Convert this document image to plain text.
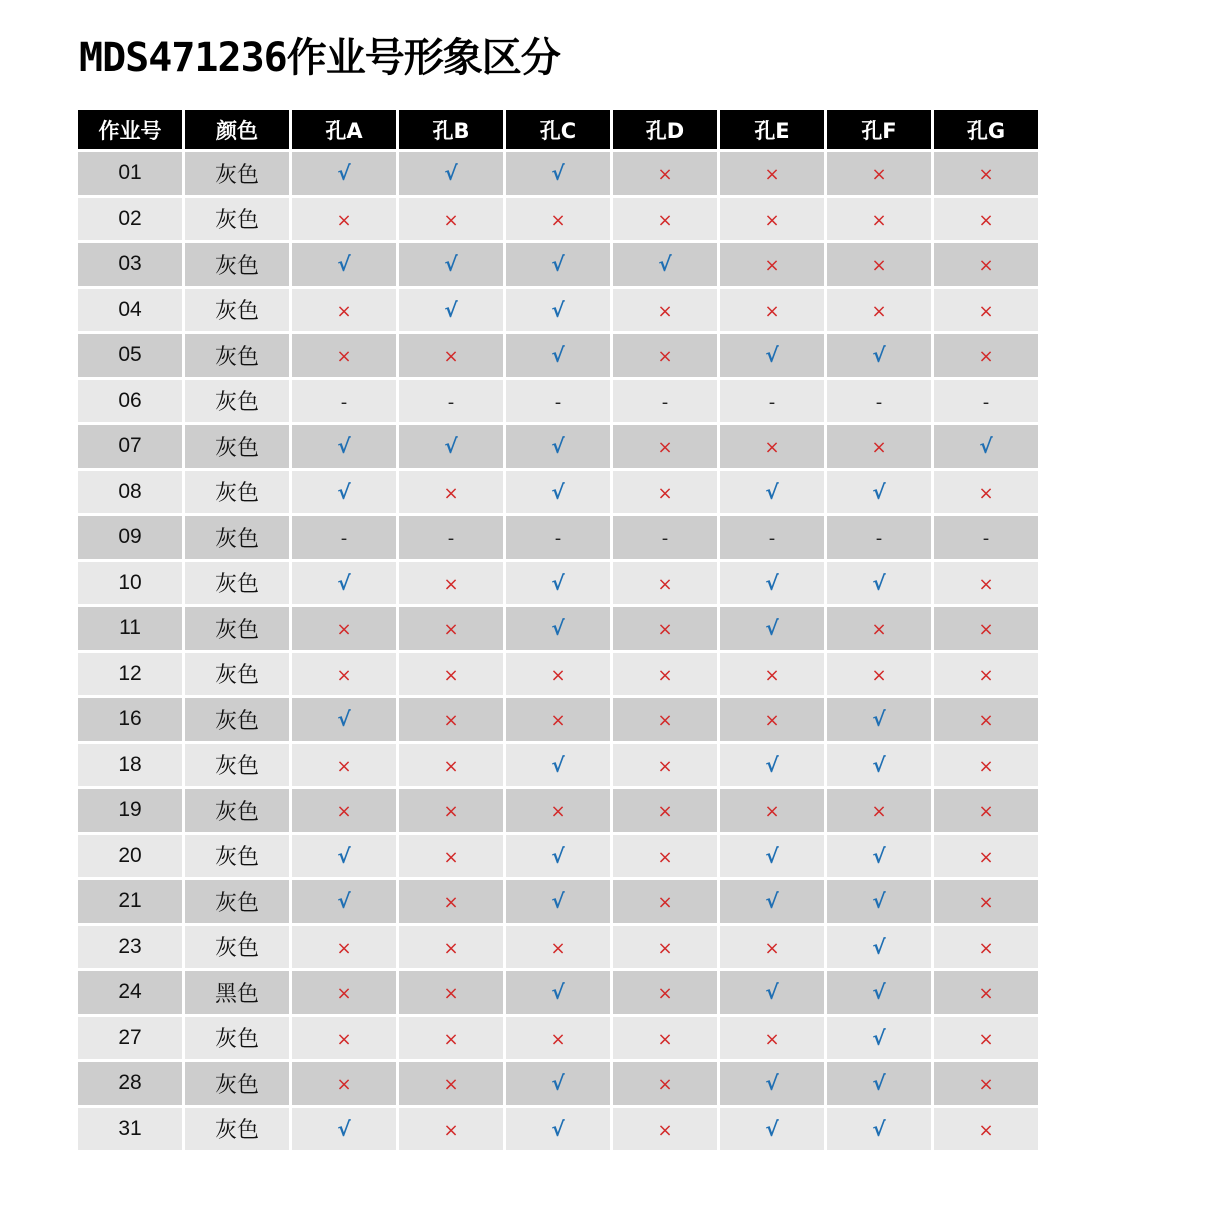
MDS471236作业号形象区分
作业号	颜色	孔A	孔B	孔C	孔D	孔E	孔F	孔G
01	灰色	√	√	√	×	×	×	×
02	灰色	×	×	×	×	×	×	×
03	灰色	√	√	√	√	×	×	×
04	灰色	×	√	√	×	×	×	×
05	灰色	×	×	√	×	√	√	×
06	灰色	-	-	-	-	-	-	-
07	灰色	√	√	√	×	×	×	√
08	灰色	√	×	√	×	√	√	×
09	灰色	-	-	-	-	-	-	-
10	灰色	√	×	√	×	√	√	×
11	灰色	×	×	√	×	√	×	×
12	灰色	×	×	×	×	×	×	×
16	灰色	√	×	×	×	×	√	×
18	灰色	×	×	√	×	√	√	×
19	灰色	×	×	×	×	×	×	×
20	灰色	√	×	√	×	√	√	×
21	灰色	√	×	√	×	√	√	×
23	灰色	×	×	×	×	×	√	×
24	黑色	×	×	√	×	√	√	×
27	灰色	×	×	×	×	×	√	×
28	灰色	×	×	√	×	√	√	×
31	灰色	√	×	√	×	√	√	×
